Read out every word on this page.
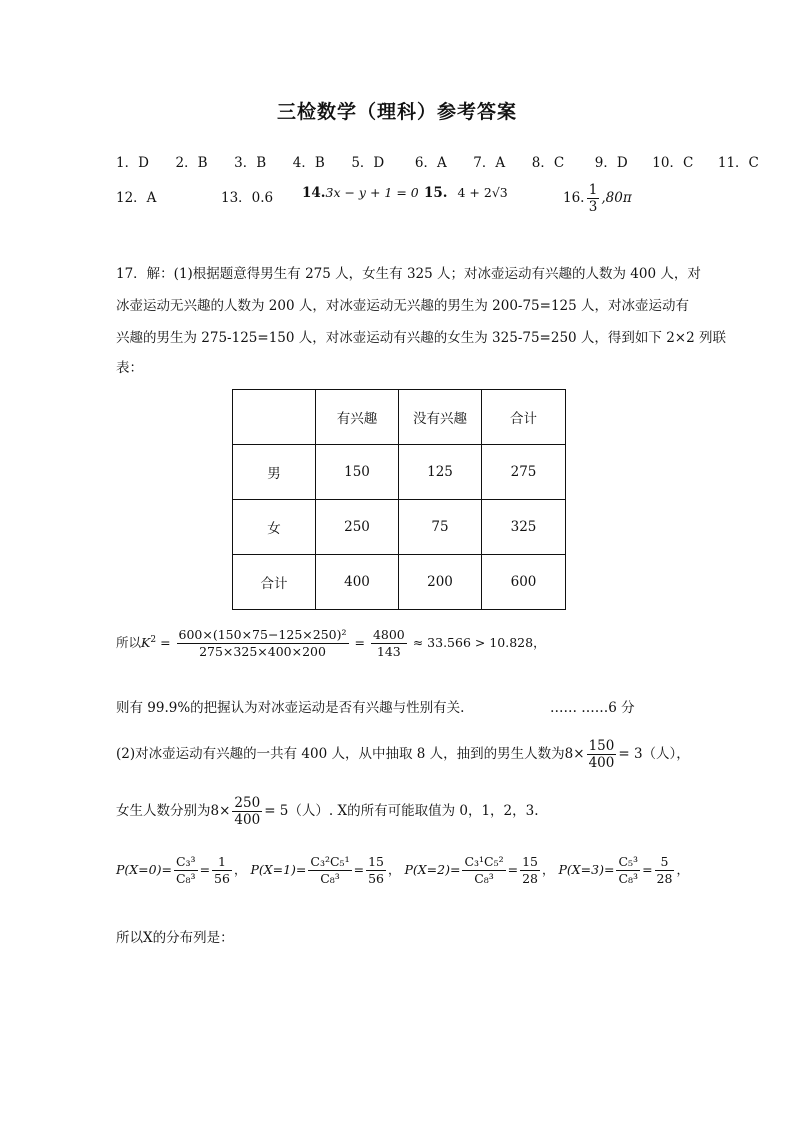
三检数学（理科）参考答案
1．D 2．B 3．B 4．B 5．D 6．A 7．A 8．C 9．D 10．C 11．C
12．A	13．0.6 14.3x − y + 1 = 0 15. 4 + 2√3	16. $\frac{1}{3} ,80\pi$
17．解：(1)根据题意得男生有 275 人，女生有 325 人；对冰壶运动有兴趣的人数为 400 人，对
冰壶运动无兴趣的人数为 200 人，对冰壶运动无兴趣的男生为 200-75=125 人，对冰壶运动有
兴趣的男生为 275-125=150 人，对冰壶运动有兴趣的女生为 325-75=250 人，得到如下 2×2 列联
表：
	有兴趣	没有兴趣	合计
男	150	125	275
女	250	75	325
合计	400	200	600
所以$K^2 = \frac{\text{600×(150×75−125×250)²}}{275\times 325\times 400\times 200} = \frac{4800}{143} \approx 33.566 > 10.828$，
则有 99.9%的把握认为对冰壶运动是否有兴趣与性别有关.	…… ……6 分
(2)对冰壶运动有兴趣的一共有 400 人，从中抽取 8 人，抽到的男生人数为$8\times \frac{150}{400} = 3$（人），
女生人数分别为$8\times \frac{250}{400} = 5$（人）. X的所有可能取值为 0，1，2，3.
$P(X=0)= \frac{\text{C₃³}}{\text{C₈³}} = \frac{1}{56}$ ， $P(X=1)= \frac{\text{C₃²C₅¹}}{\text{C₈³}} = \frac{15}{56}$ ， $P(X=2)= \frac{\text{C₃¹C₅²}}{\text{C₈³}} = \frac{15}{28}$ ， $P(X=3)= \frac{\text{C₅³}}{\text{C₈³}} = \frac{5}{28}$ ，
所以X的分布列是：
